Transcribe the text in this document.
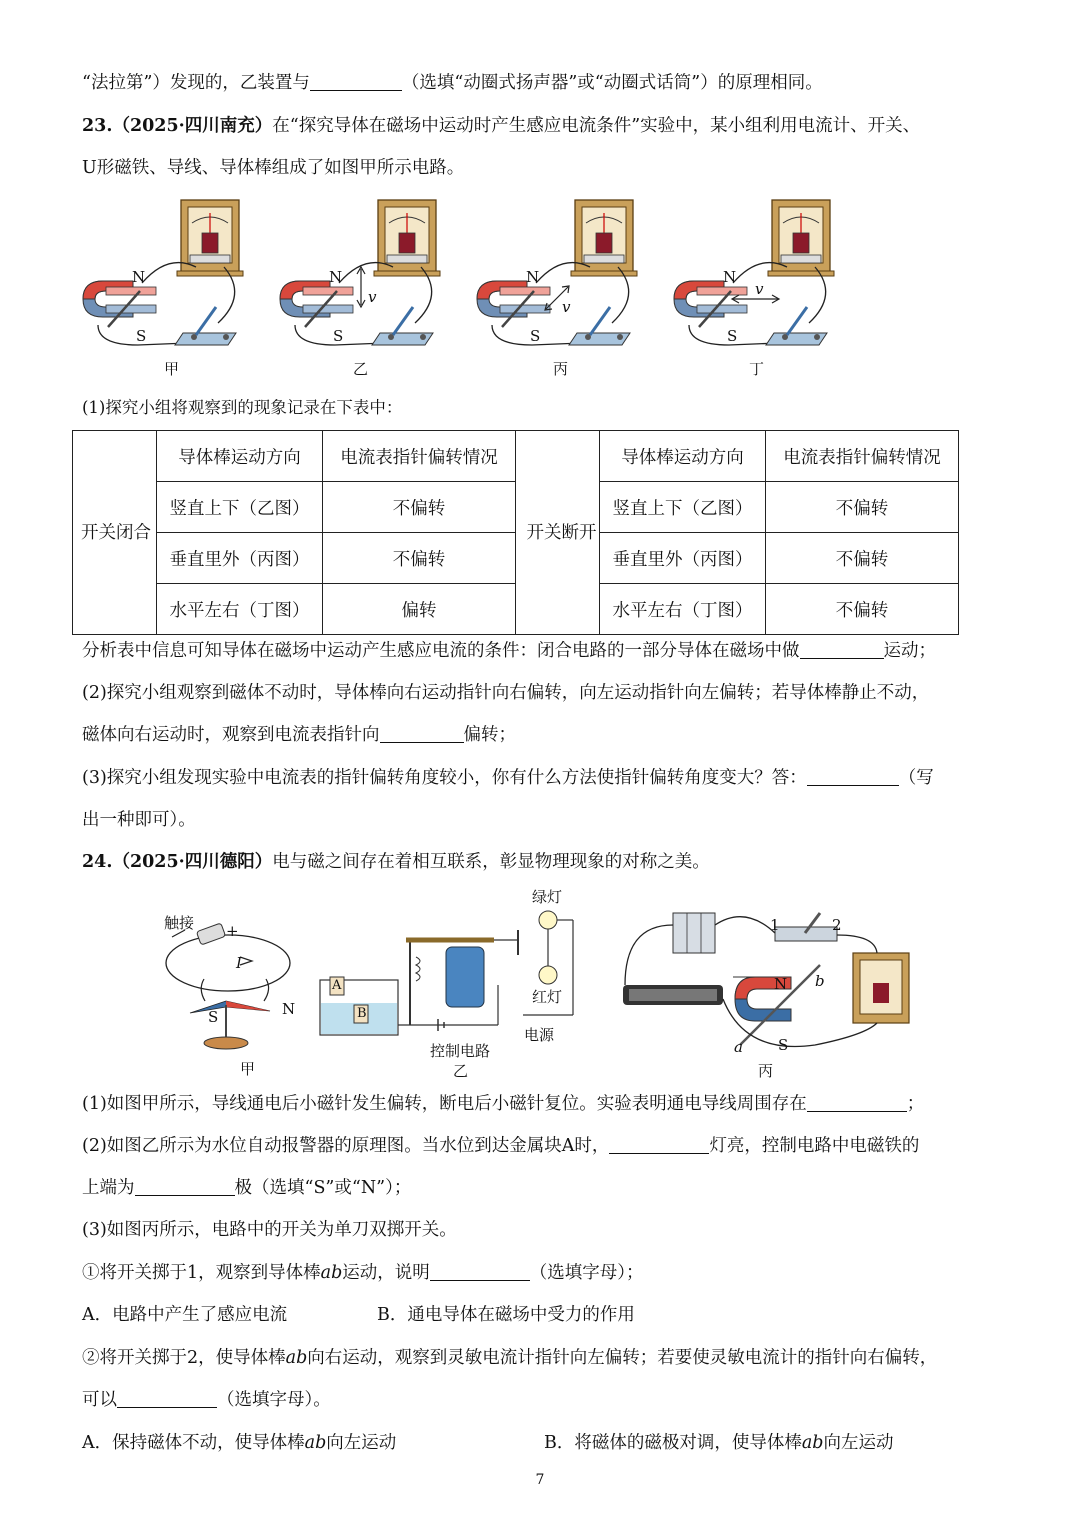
“法拉第”）发现的，乙装置与	（选填“动圈式扬声器”或“动圈式话筒”）的原理相同。
23.（2025·四川南充）在“探究导体在磁场中运动时产生感应电流条件”实验中，某小组利用电流计、开关、
U形磁铁、导线、导体棒组成了如图甲所示电路。
N
S
N
S
N
S
N
S
v
v
v
甲	乙	丙	丁
(1)探究小组将观察到的现象记录在下表中：
开关闭合	导体棒运动方向	电流表指针偏转情况	开关断开	导体棒运动方向	电流表指针偏转情况
	竖直上下（乙图）	不偏转		竖直上下（乙图）	不偏转
	垂直里外（丙图）	不偏转		垂直里外（丙图）	不偏转
	水平左右（丁图）	偏转		水平左右（丁图）	不偏转
分析表中信息可知导体在磁场中运动产生感应电流的条件：闭合电路的一部分导体在磁场中做	运动；
(2)探究小组观察到磁体不动时，导体棒向右运动指针向右偏转，向左运动指针向左偏转；若导体棒静止不动，
磁体向右运动时，观察到电流表指针向	偏转；
(3)探究小组发现实验中电流表的指针偏转角度较小，你有什么方法使指针偏转角度变大？答：	（写
出一种即可）。
24.（2025·四川德阳）电与磁之间存在着相互联系，彰显物理现象的对称之美。
触接 +
I
S	N
甲
A
B
绿灯
红灯
电源
控制电路
乙
N
S
a
b
1	2
丙
(1)如图甲所示，导线通电后小磁针发生偏转，断电后小磁针复位。实验表明通电导线周围存在	；
(2)如图乙所示为水位自动报警器的原理图。当水位到达金属块A时，	灯亮，控制电路中电磁铁的
上端为	极（选填“S”或“N”）；
(3)如图丙所示，电路中的开关为单刀双掷开关。
①将开关掷于1，观察到导体棒ab运动，说明	（选填字母）；
A．电路中产生了感应电流	B．通电导体在磁场中受力的作用
②将开关掷于2，使导体棒ab向右运动，观察到灵敏电流计指针向左偏转；若要使灵敏电流计的指针向右偏转，
可以	（选填字母）。
A．保持磁体不动，使导体棒ab向左运动	B．将磁体的磁极对调，使导体棒ab向左运动
7
